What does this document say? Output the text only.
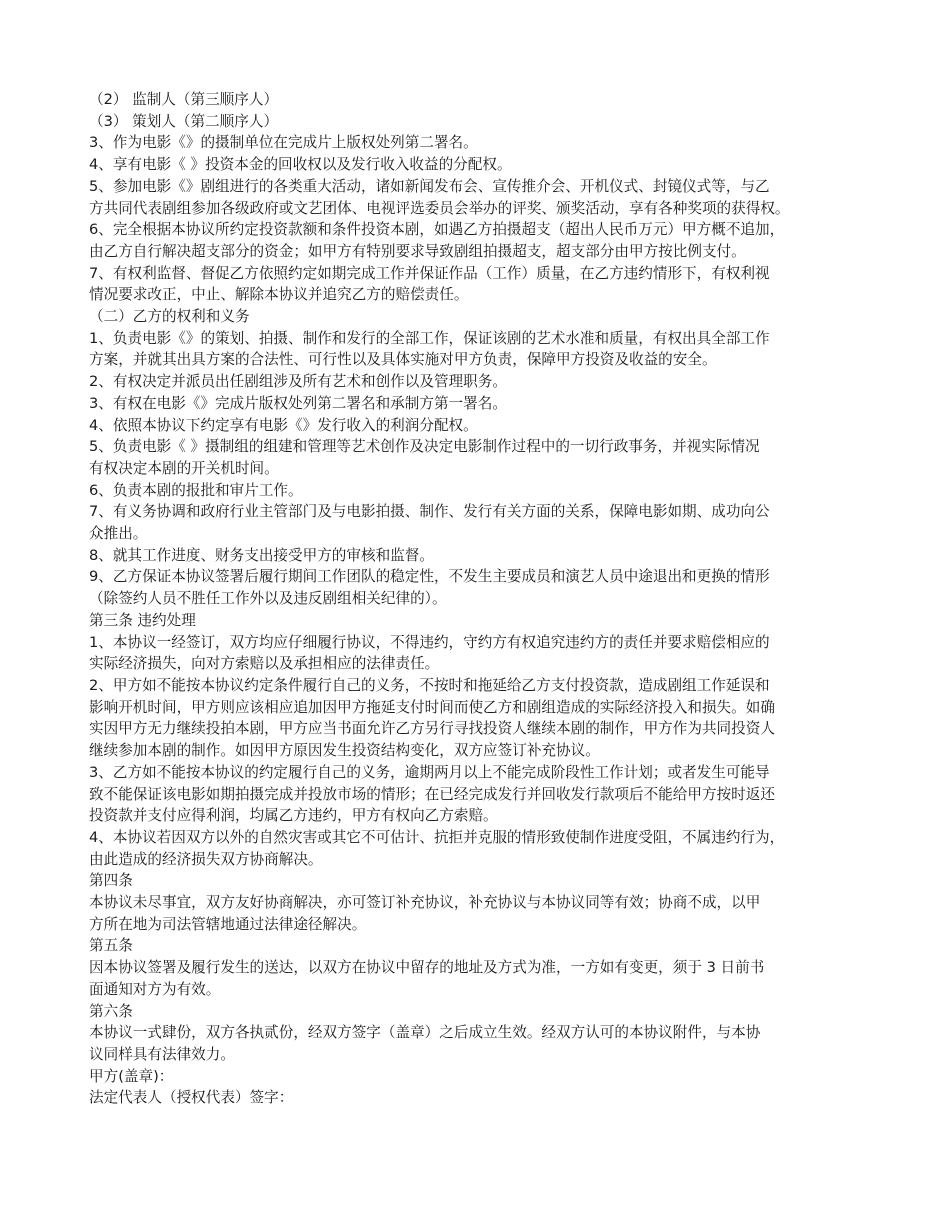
（2） 监制人（第三顺序人）
（3） 策划人（第二顺序人）
3、作为电影《》的摄制单位在完成片上版权处列第二署名。
4、享有电影《 》投资本金的回收权以及发行收入收益的分配权。
5、参加电影《》剧组进行的各类重大活动，诸如新闻发布会、宣传推介会、开机仪式、封镜仪式等，与乙
方共同代表剧组参加各级政府或文艺团体、电视评选委员会举办的评奖、颁奖活动，享有各种奖项的获得权。
6、完全根据本协议所约定投资款额和条件投资本剧，如遇乙方拍摄超支（超出人民币万元）甲方概不追加，
由乙方自行解决超支部分的资金；如甲方有特别要求导致剧组拍摄超支，超支部分由甲方按比例支付。
7、有权利监督、督促乙方依照约定如期完成工作并保证作品（工作）质量，在乙方违约情形下，有权利视
情况要求改正，中止、解除本协议并追究乙方的赔偿责任。
（二）乙方的权利和义务
1、负责电影《》的策划、拍摄、制作和发行的全部工作，保证该剧的艺术水准和质量，有权出具全部工作
方案，并就其出具方案的合法性、可行性以及具体实施对甲方负责，保障甲方投资及收益的安全。
2、有权决定并派员出任剧组涉及所有艺术和创作以及管理职务。
3、有权在电影《》完成片版权处列第二署名和承制方第一署名。
4、依照本协议下约定享有电影《》发行收入的利润分配权。
5、负责电影《 》摄制组的组建和管理等艺术创作及决定电影制作过程中的一切行政事务，并视实际情况
有权决定本剧的开关机时间。
6、负责本剧的报批和审片工作。
7、有义务协调和政府行业主管部门及与电影拍摄、制作、发行有关方面的关系，保障电影如期、成功向公
众推出。
8、就其工作进度、财务支出接受甲方的审核和监督。
9、乙方保证本协议签署后履行期间工作团队的稳定性，不发生主要成员和演艺人员中途退出和更换的情形
（除签约人员不胜任工作外以及违反剧组相关纪律的）。
第三条 违约处理
1、本协议一经签订，双方均应仔细履行协议，不得违约，守约方有权追究违约方的责任并要求赔偿相应的
实际经济损失，向对方索赔以及承担相应的法律责任。
2、甲方如不能按本协议约定条件履行自己的义务，不按时和拖延给乙方支付投资款，造成剧组工作延误和
影响开机时间，甲方则应该相应追加因甲方拖延支付时间而使乙方和剧组造成的实际经济投入和损失。如确
实因甲方无力继续投拍本剧，甲方应当书面允许乙方另行寻找投资人继续本剧的制作，甲方作为共同投资人
继续参加本剧的制作。如因甲方原因发生投资结构变化，双方应签订补充协议。
3、乙方如不能按本协议的约定履行自己的义务，逾期两月以上不能完成阶段性工作计划；或者发生可能导
致不能保证该电影如期拍摄完成并投放市场的情形；在已经完成发行并回收发行款项后不能给甲方按时返还
投资款并支付应得利润，均属乙方违约，甲方有权向乙方索赔。
4、本协议若因双方以外的自然灾害或其它不可估计、抗拒并克服的情形致使制作进度受阻，不属违约行为，
由此造成的经济损失双方协商解决。
第四条
本协议未尽事宜，双方友好协商解决，亦可签订补充协议，补充协议与本协议同等有效；协商不成，以甲
方所在地为司法管辖地通过法律途径解决。
第五条
因本协议签署及履行发生的送达，以双方在协议中留存的地址及方式为准，一方如有变更，须于 3 日前书
面通知对方为有效。
第六条
本协议一式肆份，双方各执贰份，经双方签字（盖章）之后成立生效。经双方认可的本协议附件，与本协
议同样具有法律效力。
甲方(盖章)：
法定代表人（授权代表）签字：
